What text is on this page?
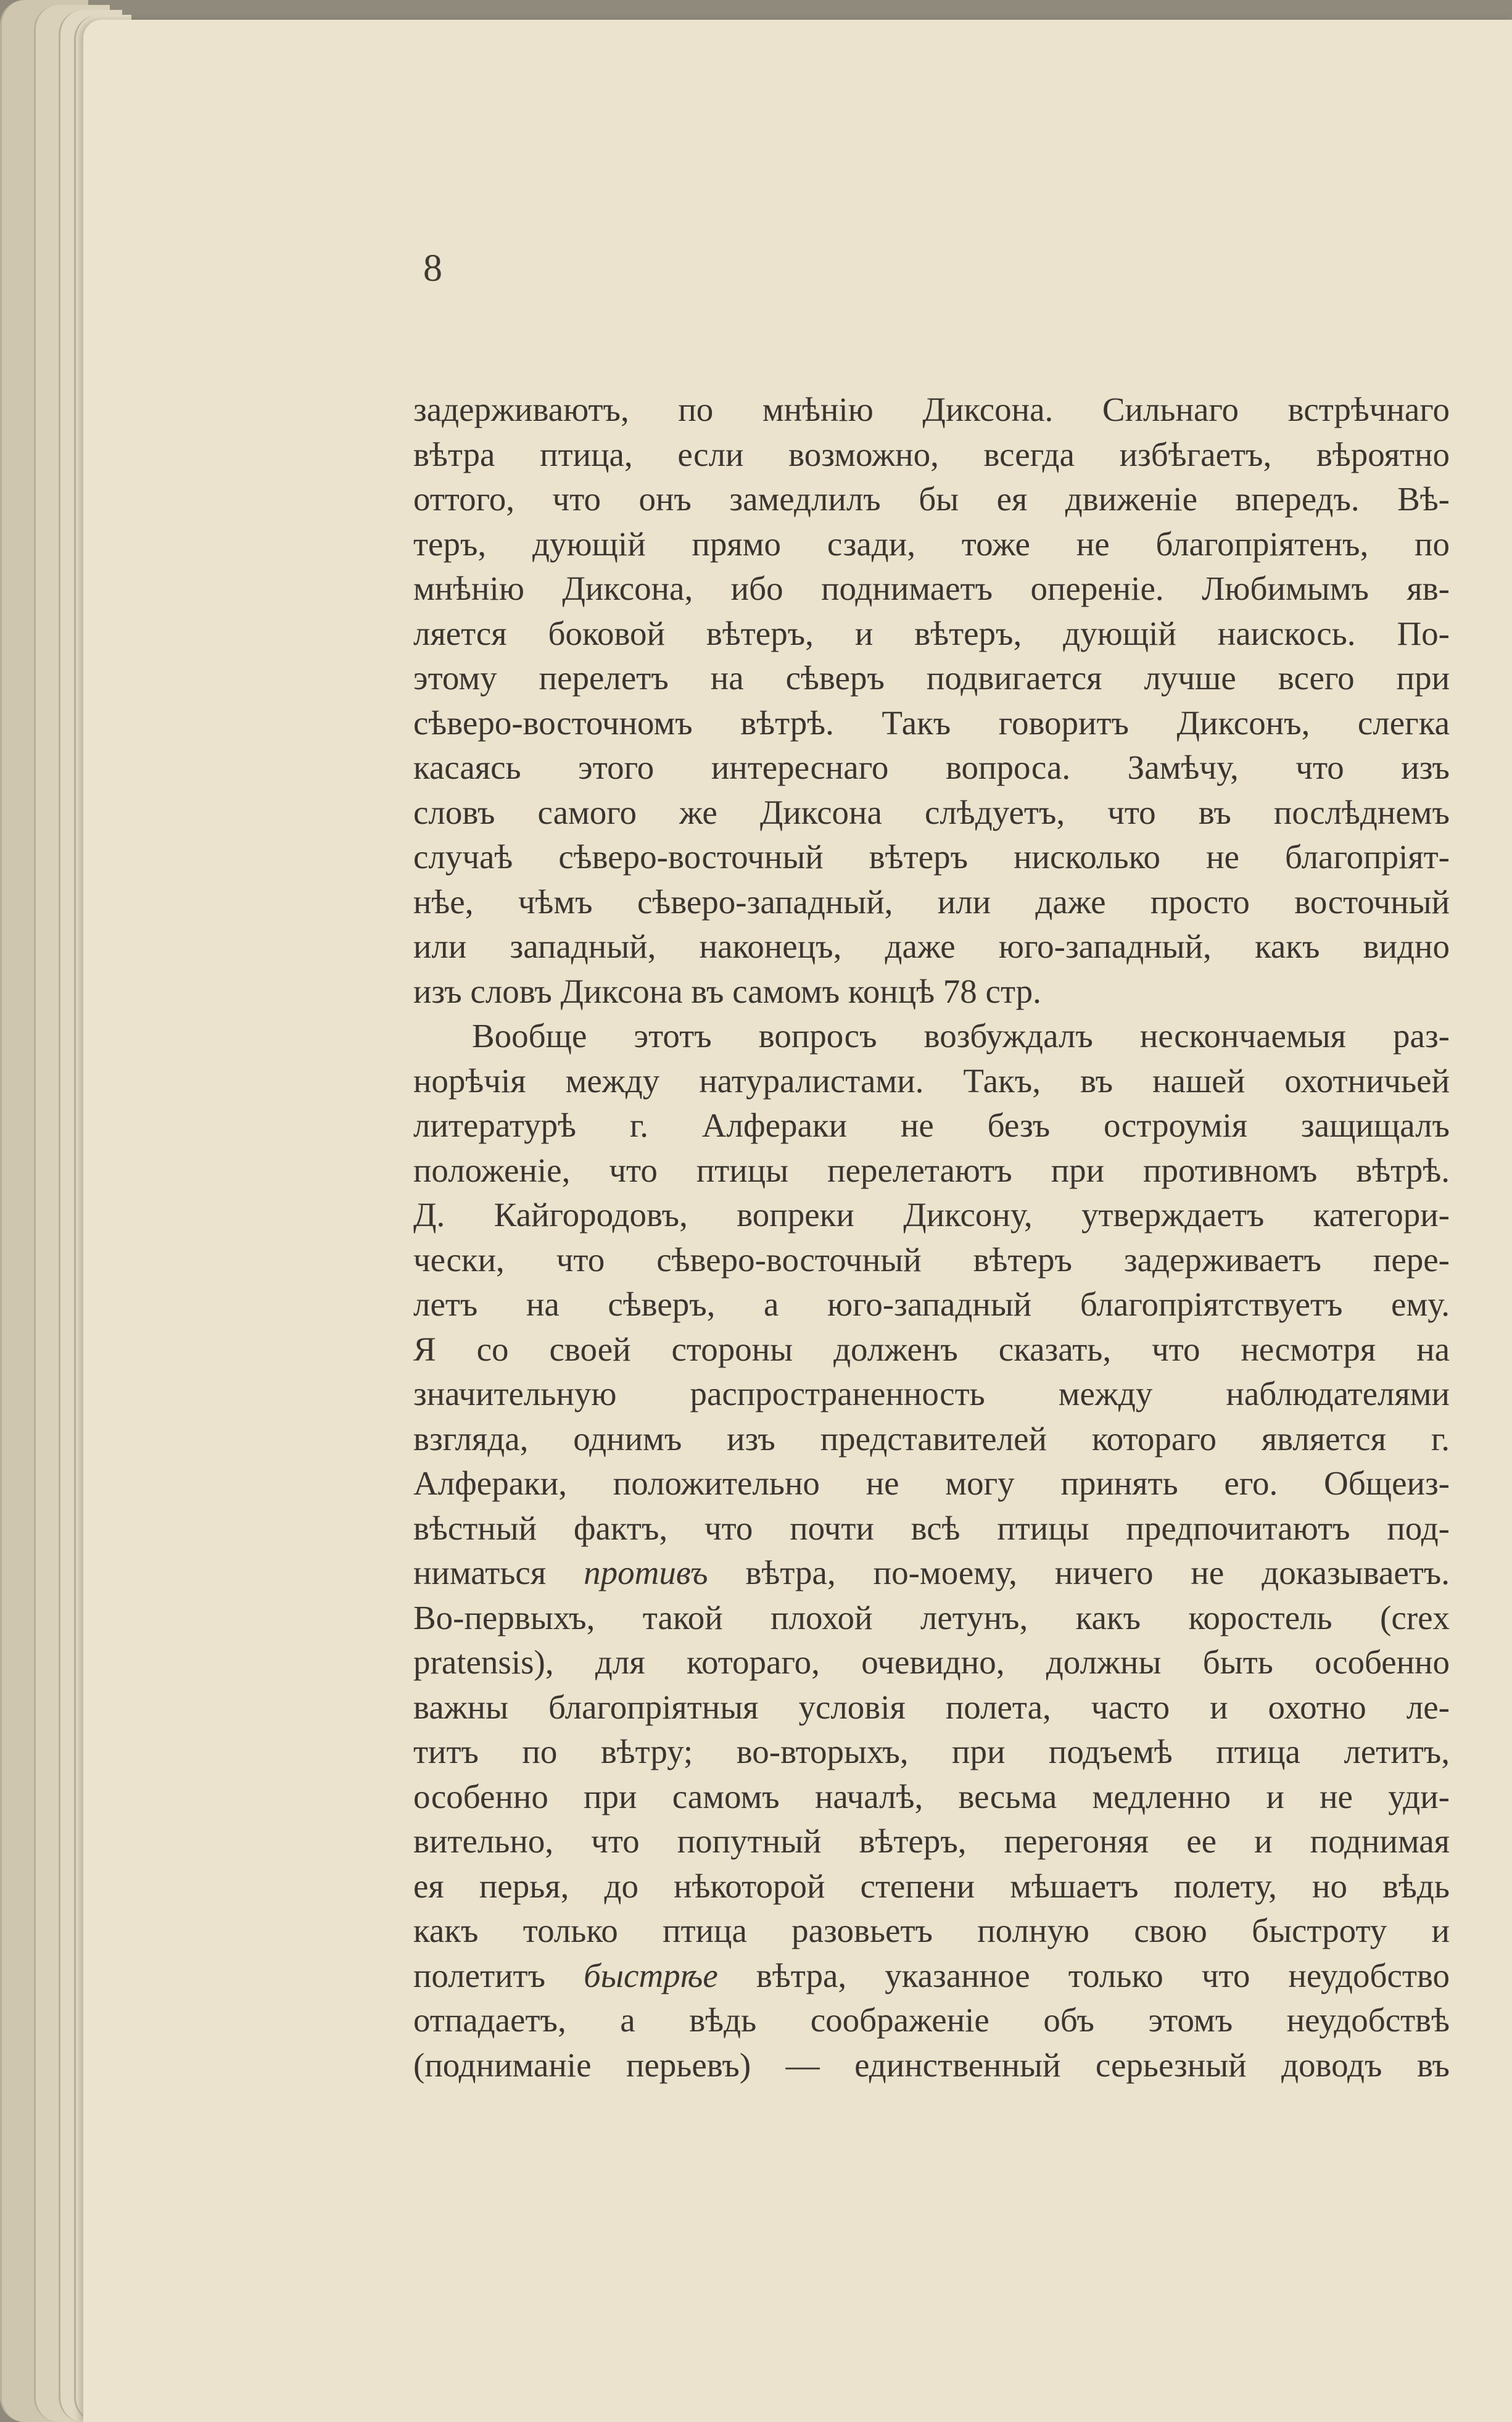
8
задерживаютъ, по мнѣнію Диксона. Сильнаго встрѣчнаго
вѣтра птица, если возможно, всегда избѣгаетъ, вѣроятно
оттого, что онъ замедлилъ бы ея движеніе впередъ. Вѣ-
теръ, дующій прямо сзади, тоже не благопріятенъ, по
мнѣнію Диксона, ибо поднимаетъ опереніе. Любимымъ яв-
ляется боковой вѣтеръ, и вѣтеръ, дующій наискось. По-
этому перелетъ на сѣверъ подвигается лучше всего при
сѣверо-восточномъ вѣтрѣ. Такъ говоритъ Диксонъ, слегка
касаясь этого интереснаго вопроса. Замѣчу, что изъ
словъ самого же Диксона слѣдуетъ, что въ послѣднемъ
случаѣ сѣверо-восточный вѣтеръ нисколько не благопріят-
нѣе, чѣмъ сѣверо-западный, или даже просто восточный
или западный, наконецъ, даже юго-западный, какъ видно
изъ словъ Диксона въ самомъ концѣ 78 стр.
Вообще этотъ вопросъ возбуждалъ нескончаемыя раз-
норѣчія между натуралистами. Такъ, въ нашей охотничьей
литературѣ г. Алфераки не безъ остроумія защищалъ
положеніе, что птицы перелетаютъ при противномъ вѣтрѣ.
Д. Кайгородовъ, вопреки Диксону, утверждаетъ категори-
чески, что сѣверо-восточный вѣтеръ задерживаетъ пере-
летъ на сѣверъ, а юго-западный благопріятствуетъ ему.
Я со своей стороны долженъ сказать, что несмотря на
значительную распространенность между наблюдателями
взгляда, однимъ изъ представителей котораго является г.
Алфераки, положительно не могу принять его. Общеиз-
вѣстный фактъ, что почти всѣ птицы предпочитаютъ под-
ниматься противъ вѣтра, по-моему, ничего не доказываетъ.
Во-первыхъ, такой плохой летунъ, какъ коростель (crex
pratensis), для котораго, очевидно, должны быть особенно
важны благопріятныя условія полета, часто и охотно ле-
титъ по вѣтру; во-вторыхъ, при подъемѣ птица летитъ,
особенно при самомъ началѣ, весьма медленно и не уди-
вительно, что попутный вѣтеръ, перегоняя ее и поднимая
ея перья, до нѣкоторой степени мѣшаетъ полету, но вѣдь
какъ только птица разовьетъ полную свою быстроту и
полетитъ быстрѣе вѣтра, указанное только что неудобство
отпадаетъ, а вѣдь соображеніе объ этомъ неудобствѣ
(подниманіе перьевъ) — единственный серьезный доводъ въ
